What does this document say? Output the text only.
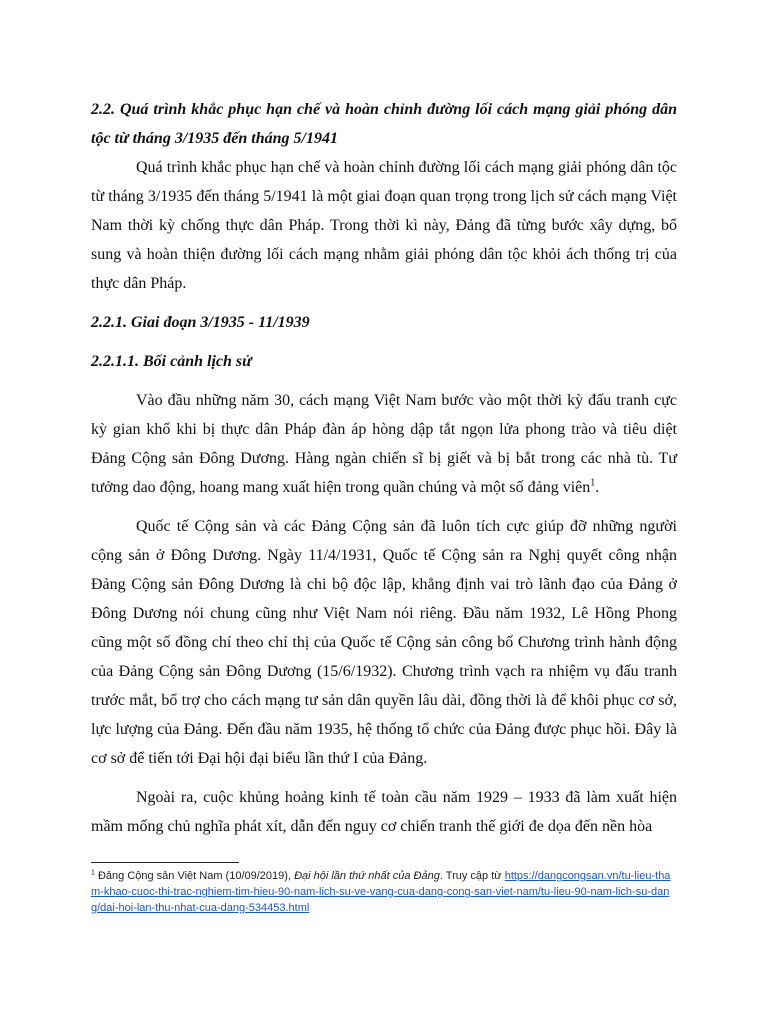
2.2. Quá trình khắc phục hạn chế và hoàn chỉnh đường lối cách mạng giải phóng dân tộc từ tháng 3/1935 đến tháng 5/1941

Quá trình khắc phục hạn chế và hoàn chỉnh đường lối cách mạng giải phóng dân tộc từ tháng 3/1935 đến tháng 5/1941 là một giai đoạn quan trọng trong lịch sử cách mạng Việt Nam thời kỳ chống thực dân Pháp. Trong thời kì này, Đảng đã từng bước xây dựng, bổ sung và hoàn thiện đường lối cách mạng nhằm giải phóng dân tộc khỏi ách thống trị của thực dân Pháp.

2.2.1. Giai đoạn 3/1935 - 11/1939

2.2.1.1. Bối cảnh lịch sử

Vào đầu những năm 30, cách mạng Việt Nam bước vào một thời kỳ đấu tranh cực kỳ gian khổ khi bị thực dân Pháp đàn áp hòng dập tắt ngọn lửa phong trào và tiêu diệt Đảng Cộng sản Đông Dương. Hàng ngàn chiến sĩ bị giết và bị bắt trong các nhà tù. Tư tưởng dao động, hoang mang xuất hiện trong quần chúng và một số đảng viên$^1$.

Quốc tế Cộng sản và các Đảng Cộng sản đã luôn tích cực giúp đỡ những người cộng sản ở Đông Dương. Ngày 11/4/1931, Quốc tế Cộng sản ra Nghị quyết công nhận Đảng Cộng sản Đông Dương là chi bộ độc lập, khẳng định vai trò lãnh đạo của Đảng ở Đông Dương nói chung cũng như Việt Nam nói riêng. Đầu năm 1932, Lê Hồng Phong cũng một số đồng chí theo chỉ thị của Quốc tế Cộng sản công bố Chương trình hành động của Đảng Cộng sản Đông Dương (15/6/1932). Chương trình vạch ra nhiệm vụ đấu tranh trước mắt, bổ trợ cho cách mạng tư sản dân quyền lâu dài, đồng thời là để khôi phục cơ sở, lực lượng của Đảng. Đến đầu năm 1935, hệ thống tổ chức của Đảng được phục hồi. Đây là cơ sở để tiến tới Đại hội đại biểu lần thứ I của Đảng.

Ngoài ra, cuộc khủng hoảng kinh tế toàn cầu năm 1929 – 1933 đã làm xuất hiện mầm mống chủ nghĩa phát xít, dẫn đến nguy cơ chiến tranh thế giới đe dọa đến nền hòa

$^1$ Đảng Cộng sản Việt Nam (10/09/2019), Đại hội lần thứ nhất của Đảng. Truy cập từ https://dangcongsan.vn/tu-lieu-tham-khao-cuoc-thi-trac-nghiem-tim-hieu-90-nam-lich-su-ve-vang-cua-dang-cong-san-viet-nam/tu-lieu-90-nam-lich-su-dang/dai-hoi-lan-thu-nhat-cua-dang-534453.html
